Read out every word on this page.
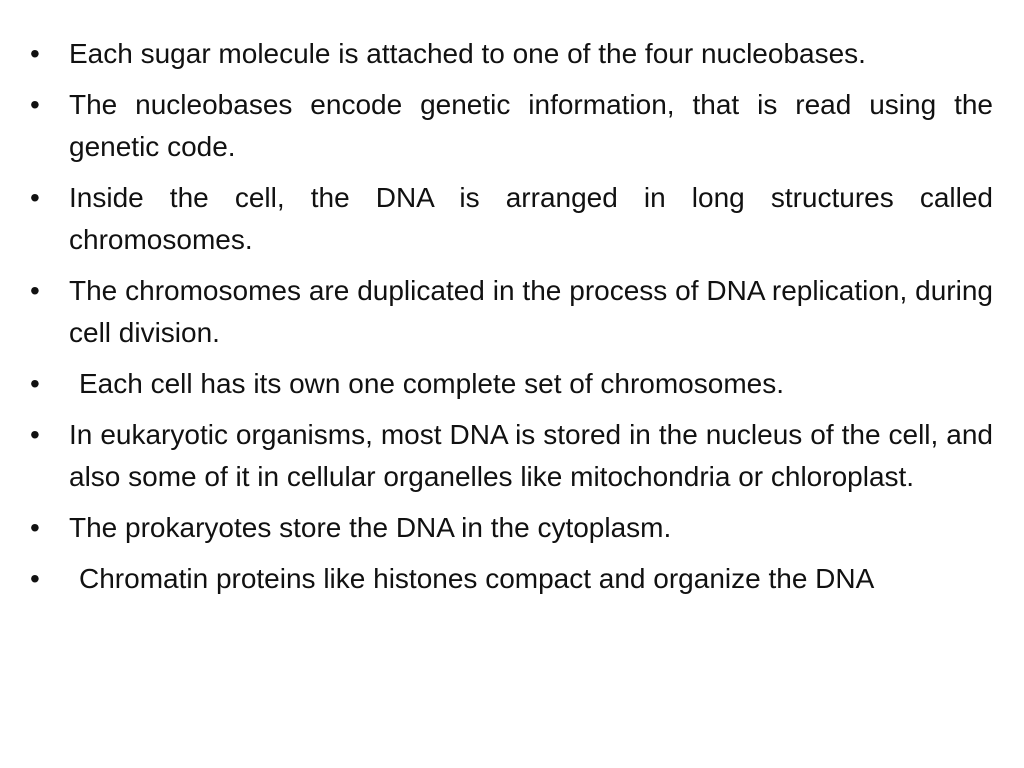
•	Each sugar molecule is attached to one of the four nucleobases.
•	The nucleobases encode genetic information, that is read using the genetic code.
•	Inside the cell, the DNA is arranged in long structures called chromosomes.
•	The chromosomes are duplicated in the process of DNA replication, during cell division.
•	Each cell has its own one complete set of chromosomes.
•	In eukaryotic organisms, most DNA is stored in the nucleus of the cell, and also some of it in cellular organelles like mitochondria or chloroplast.
•	The prokaryotes store the DNA in the cytoplasm.
•	Chromatin proteins like histones compact and organize the DNA
